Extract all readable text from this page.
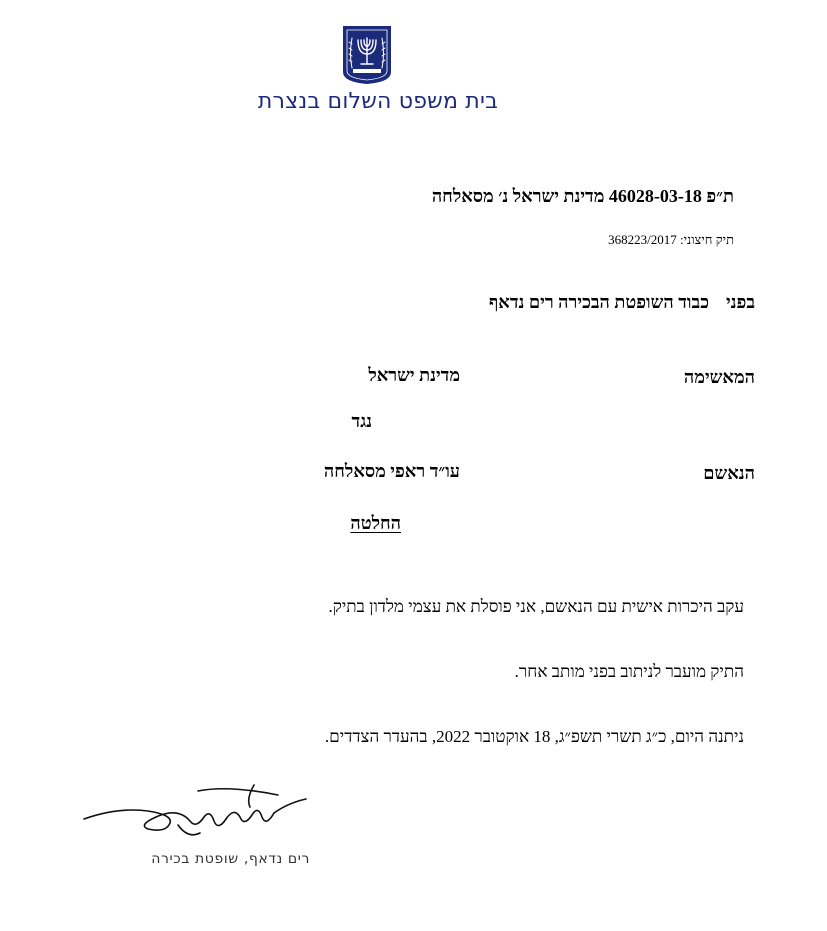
בית משפט השלום בנצרת
ת״פ 46028-03-18 מדינת ישראל נ׳ מסאלחה
תיק חיצוני: 368223/2017
בפני
כבוד השופטת הבכירה רים נדאף
המאשימה
מדינת ישראל
נגד
הנאשם
עו״ד ראפי מסאלחה
החלטה
עקב היכרות אישית עם הנאשם, אני פוסלת את עצמי מלדון בתיק.
התיק מועבר לניתוב בפני מותב אחר.
ניתנה היום, כ״ג תשרי תשפ״ג, 18 אוקטובר 2022, בהעדר הצדדים.
רים נדאף, שופטת בכירה
